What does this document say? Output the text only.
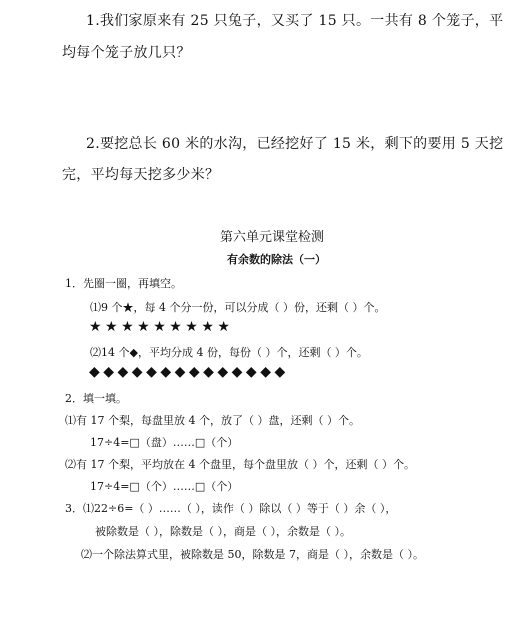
1.我们家原来有 25 只兔子，又买了 15 只。一共有 8 个笼子，平
均每个笼子放几只？
2.要挖总长 60 米的水沟，已经挖好了 15 米，剩下的要用 5 天挖
完，平均每天挖多少米？
第六单元课堂检测
有余数的除法（一）
1．先圈一圈，再填空。
⑴9 个★，每 4 个分一份，可以分成（ ）份，还剩（ ）个。
★★★★★★★★★
⑵14 个◆，平均分成 4 份，每份（ ）个，还剩（ ）个。
◆◆◆◆◆◆◆◆◆◆◆◆◆◆
2．填一填。
⑴有 17 个梨，每盘里放 4 个，放了（ ）盘，还剩（ ）个。
17÷4=□（盘）……□（个）
⑵有 17 个梨，平均放在 4 个盘里，每个盘里放（ ）个，还剩（ ）个。
17÷4=□（个）……□（个）
3．⑴22÷6=（ ）……（ ），读作（ ）除以（ ）等于（ ）余（ ），
被除数是（ ），除数是（ ），商是（ ），余数是（ ）。
⑵一个除法算式里，被除数是 50，除数是 7，商是（ ），余数是（ ）。
